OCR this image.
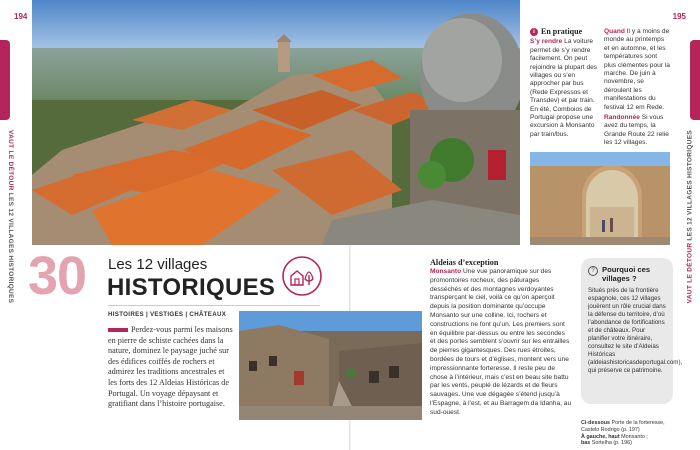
194	195
VAUT LE DÉTOUR LES 12 VILLAGES HISTORIQUES	VAUT LE DÉTOUR LES 12 VILLAGES HISTORIQUES
i En pratique

S’y rendre La voiture permet de s’y rendre facilement. On peut rejoindre la plupart des villages ou s’en approcher par bus (Rede Expressos et Transdev) et par train. En été, Comboios de Portugal propose une excursion à Monsanto par train/bus.

Quand Il y a moins de monde au printemps et en automne, et les températures sont plus clémentes pour la marche. De juin à novembre, se déroulent les manifestations du festival 12 em Rede.

Randonnée Si vous avez du temps, la Grande Route 22 relie les 12 villages.

30 Les 12 villages
HISTORIQUES
HISTOIRES | VESTIGES | CHÂTEAUX
Perdez-vous parmi les maisons en pierre de schiste cachées dans la nature, dominez le paysage juché sur des édifices coiffés de rochers et admirez les traditions ancestrales et les forts des 12 Aldeias Históricas de Portugal. Un voyage dépaysant et gratifiant dans l’histoire portugaise.
Aldeias d’exception
Monsanto Une vue panoramique sur des promontoires rocheux, des pâturages desséchés et des montagnes verdoyantes transperçant le ciel, voilà ce qu’on aperçoit depuis la position dominante qu’occupe Monsanto sur une colline. Ici, rochers et constructions ne font qu’un. Les premiers sont en équilibre par-dessus ou entre les secondes et des portes semblent s’ouvrir sur les entrailles de pierres gigantesques. Des rues étroites, bordées de tours et d’églises, montent vers une impressionnante forteresse. Il reste peu de chose à l’intérieur, mais c’est en beau site battu par les vents, peuplé de lézards et de fleurs sauvages. Une vue dégagée s’étend jusqu’à l’Espagne, à l’est, et au Barragem da Idanha, au sud-ouest.
? Pourquoi ces villages ?
Situés près de la frontière espagnole, ces 12 villages jouèrent un rôle crucial dans la défense du territoire, d’où l’abondance de fortifications et de châteaux. Pour planifier votre itinéraire, consultez le site d’Aldeias Históricas (aldeiashistoricasdeportugal.com), qui préserve ce patrimoine.
Ci-dessous Porte de la forteresse, Castelo Rodrigo (p. 197)
À gauche, haut Monsanto ;
bas Sortelha (p. 196)
